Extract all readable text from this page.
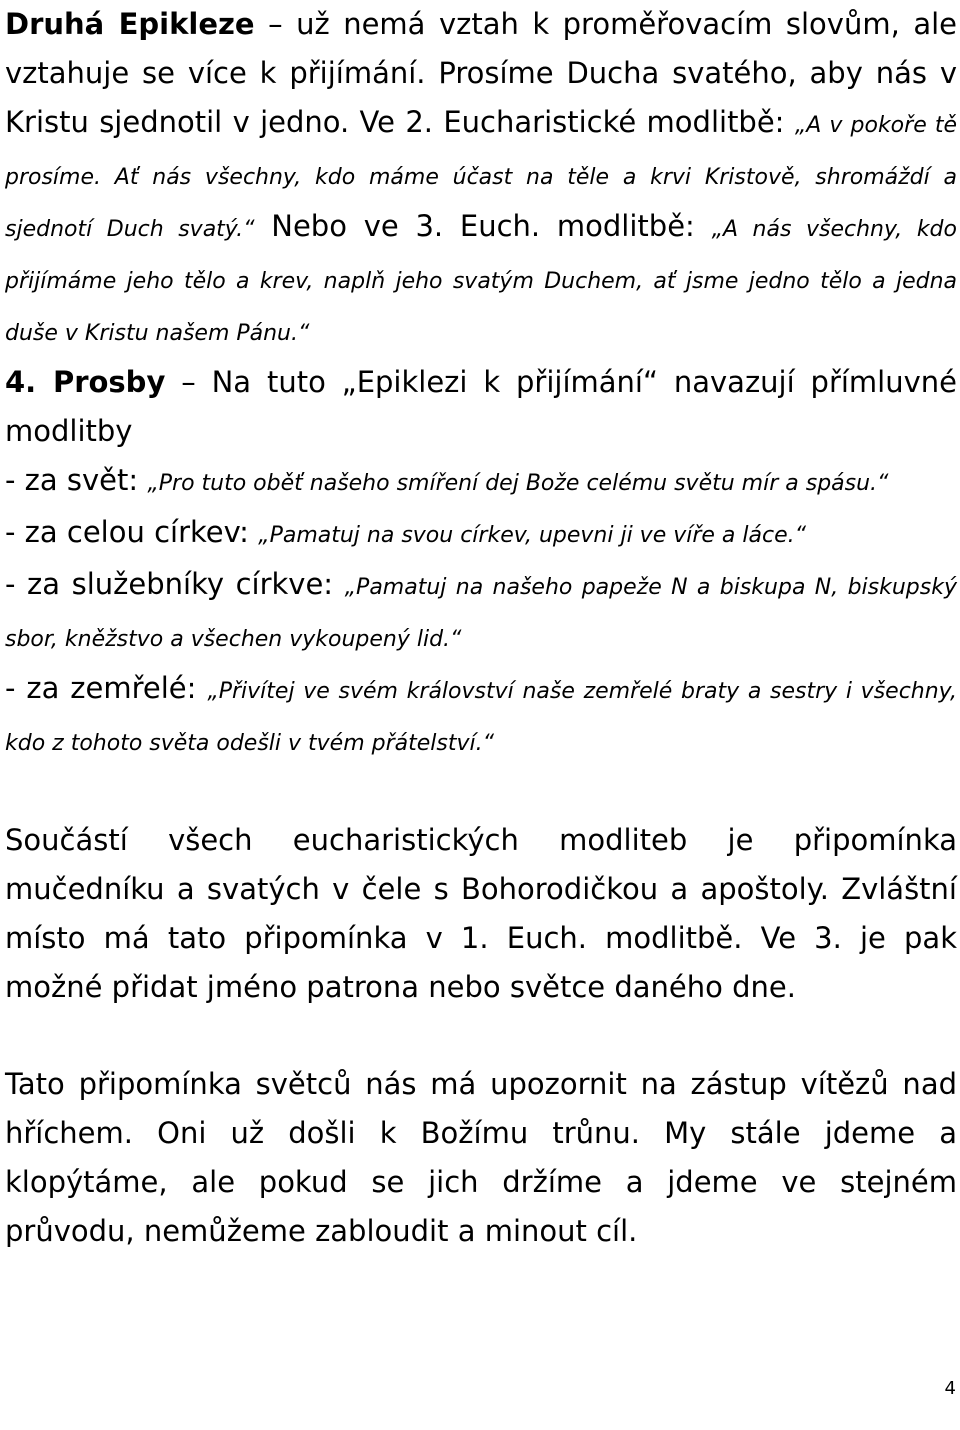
Druhá Epikleze – už nemá vztah k proměřovacím slovům, ale vztahuje se více k přijímání. Prosíme Ducha svatého, aby nás v Kristu sjednotil v jedno. Ve 2. Eucharistické modlitbě: „A v pokoře tě prosíme. Ať nás všechny, kdo máme účast na těle a krvi Kristově, shromáždí a sjednotí Duch svatý.“ Nebo ve 3. Euch. modlitbě: „A nás všechny, kdo přijímáme jeho tělo a krev, naplň jeho svatým Duchem, ať jsme jedno tělo a jedna duše v Kristu našem Pánu.“

4. Prosby – Na tuto „Epiklezi k přijímání“ navazují přímluvné modlitby

- za svět: „Pro tuto oběť našeho smíření dej Bože celému světu mír a spásu.“

- za celou církev: „Pamatuj na svou církev, upevni ji ve víře a láce.“

- za služebníky církve: „Pamatuj na našeho papeže N a biskupa N, biskupský sbor, kněžstvo a všechen vykoupený lid.“

- za zemřelé: „Přivítej ve svém království naše zemřelé braty a sestry i všechny, kdo z tohoto světa odešli v tvém přátelství.“

Součástí všech eucharistických modliteb je připomínka mučedníku a svatých v čele s Bohorodičkou a apoštoly. Zvláštní místo má tato připomínka v 1. Euch. modlitbě. Ve 3. je pak možné přidat jméno patrona nebo světce daného dne.

Tato připomínka světců nás má upozornit na zástup vítězů nad hříchem. Oni už došli k Božímu trůnu. My stále jdeme a klopýtáme, ale pokud se jich držíme a jdeme ve stejném průvodu, nemůžeme zabloudit a minout cíl.

4
